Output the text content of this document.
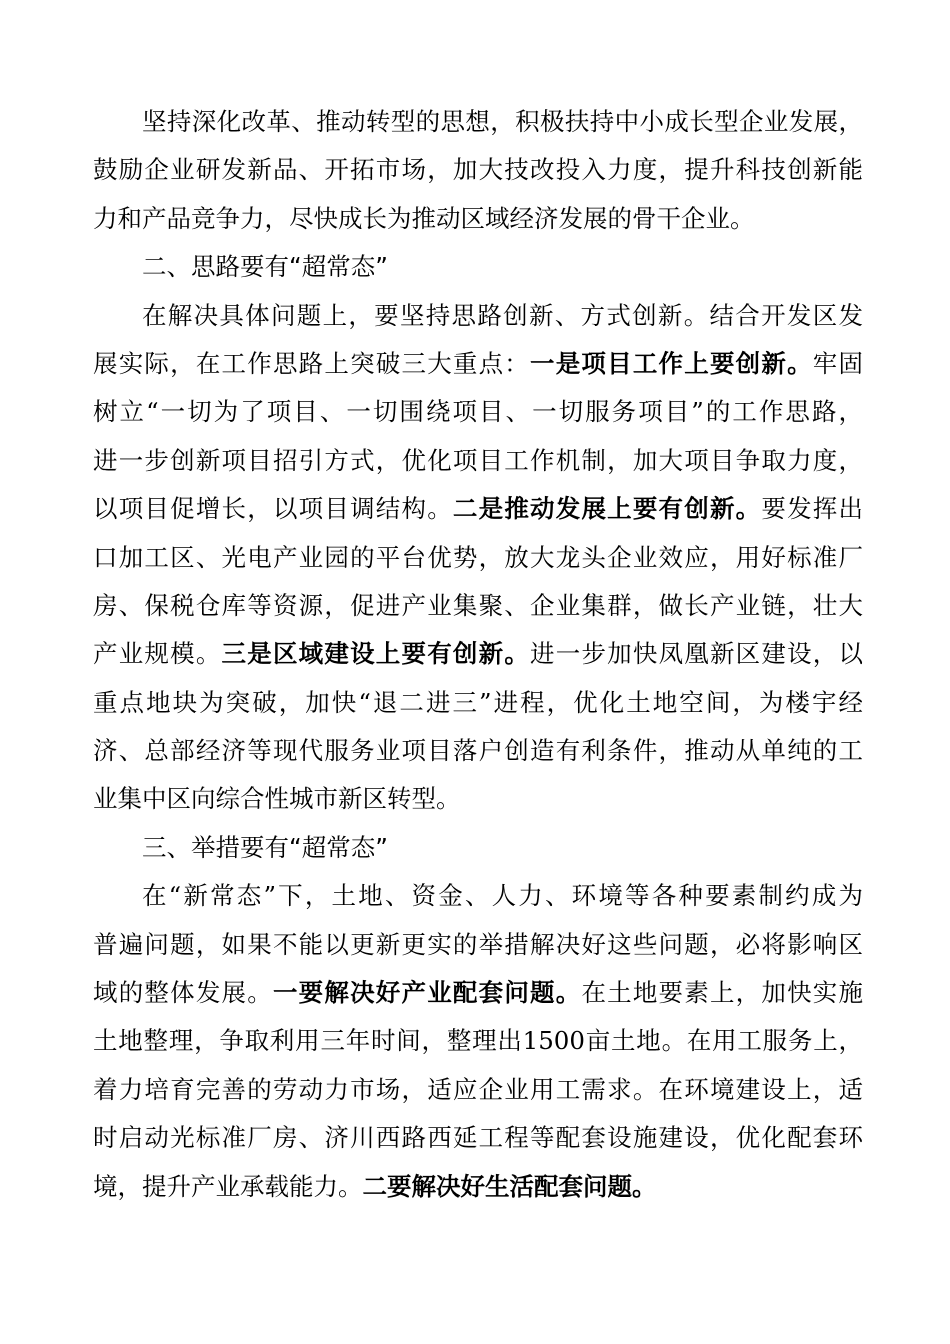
坚持深化改革、推动转型的思想，积极扶持中小成长型企业发展，
鼓励企业研发新品、开拓市场，加大技改投入力度，提升科技创新能
力和产品竞争力，尽快成长为推动区域经济发展的骨干企业。
二、思路要有“超常态”
在解决具体问题上，要坚持思路创新、方式创新。结合开发区发
展实际，在工作思路上突破三大重点：一是项目工作上要创新。牢固
树立“一切为了项目、一切围绕项目、一切服务项目”的工作思路，
进一步创新项目招引方式，优化项目工作机制，加大项目争取力度，
以项目促增长，以项目调结构。二是推动发展上要有创新。要发挥出
口加工区、光电产业园的平台优势，放大龙头企业效应，用好标准厂
房、保税仓库等资源，促进产业集聚、企业集群，做长产业链，壮大
产业规模。三是区域建设上要有创新。进一步加快凤凰新区建设，以
重点地块为突破，加快“退二进三”进程，优化土地空间，为楼宇经
济、总部经济等现代服务业项目落户创造有利条件，推动从单纯的工
业集中区向综合性城市新区转型。
三、举措要有“超常态”
在“新常态”下，土地、资金、人力、环境等各种要素制约成为
普遍问题，如果不能以更新更实的举措解决好这些问题，必将影响区
域的整体发展。一要解决好产业配套问题。在土地要素上，加快实施
土地整理，争取利用三年时间，整理出1500亩土地。在用工服务上，
着力培育完善的劳动力市场，适应企业用工需求。在环境建设上，适
时启动光标准厂房、济川西路西延工程等配套设施建设，优化配套环
境，提升产业承载能力。二要解决好生活配套问题。
